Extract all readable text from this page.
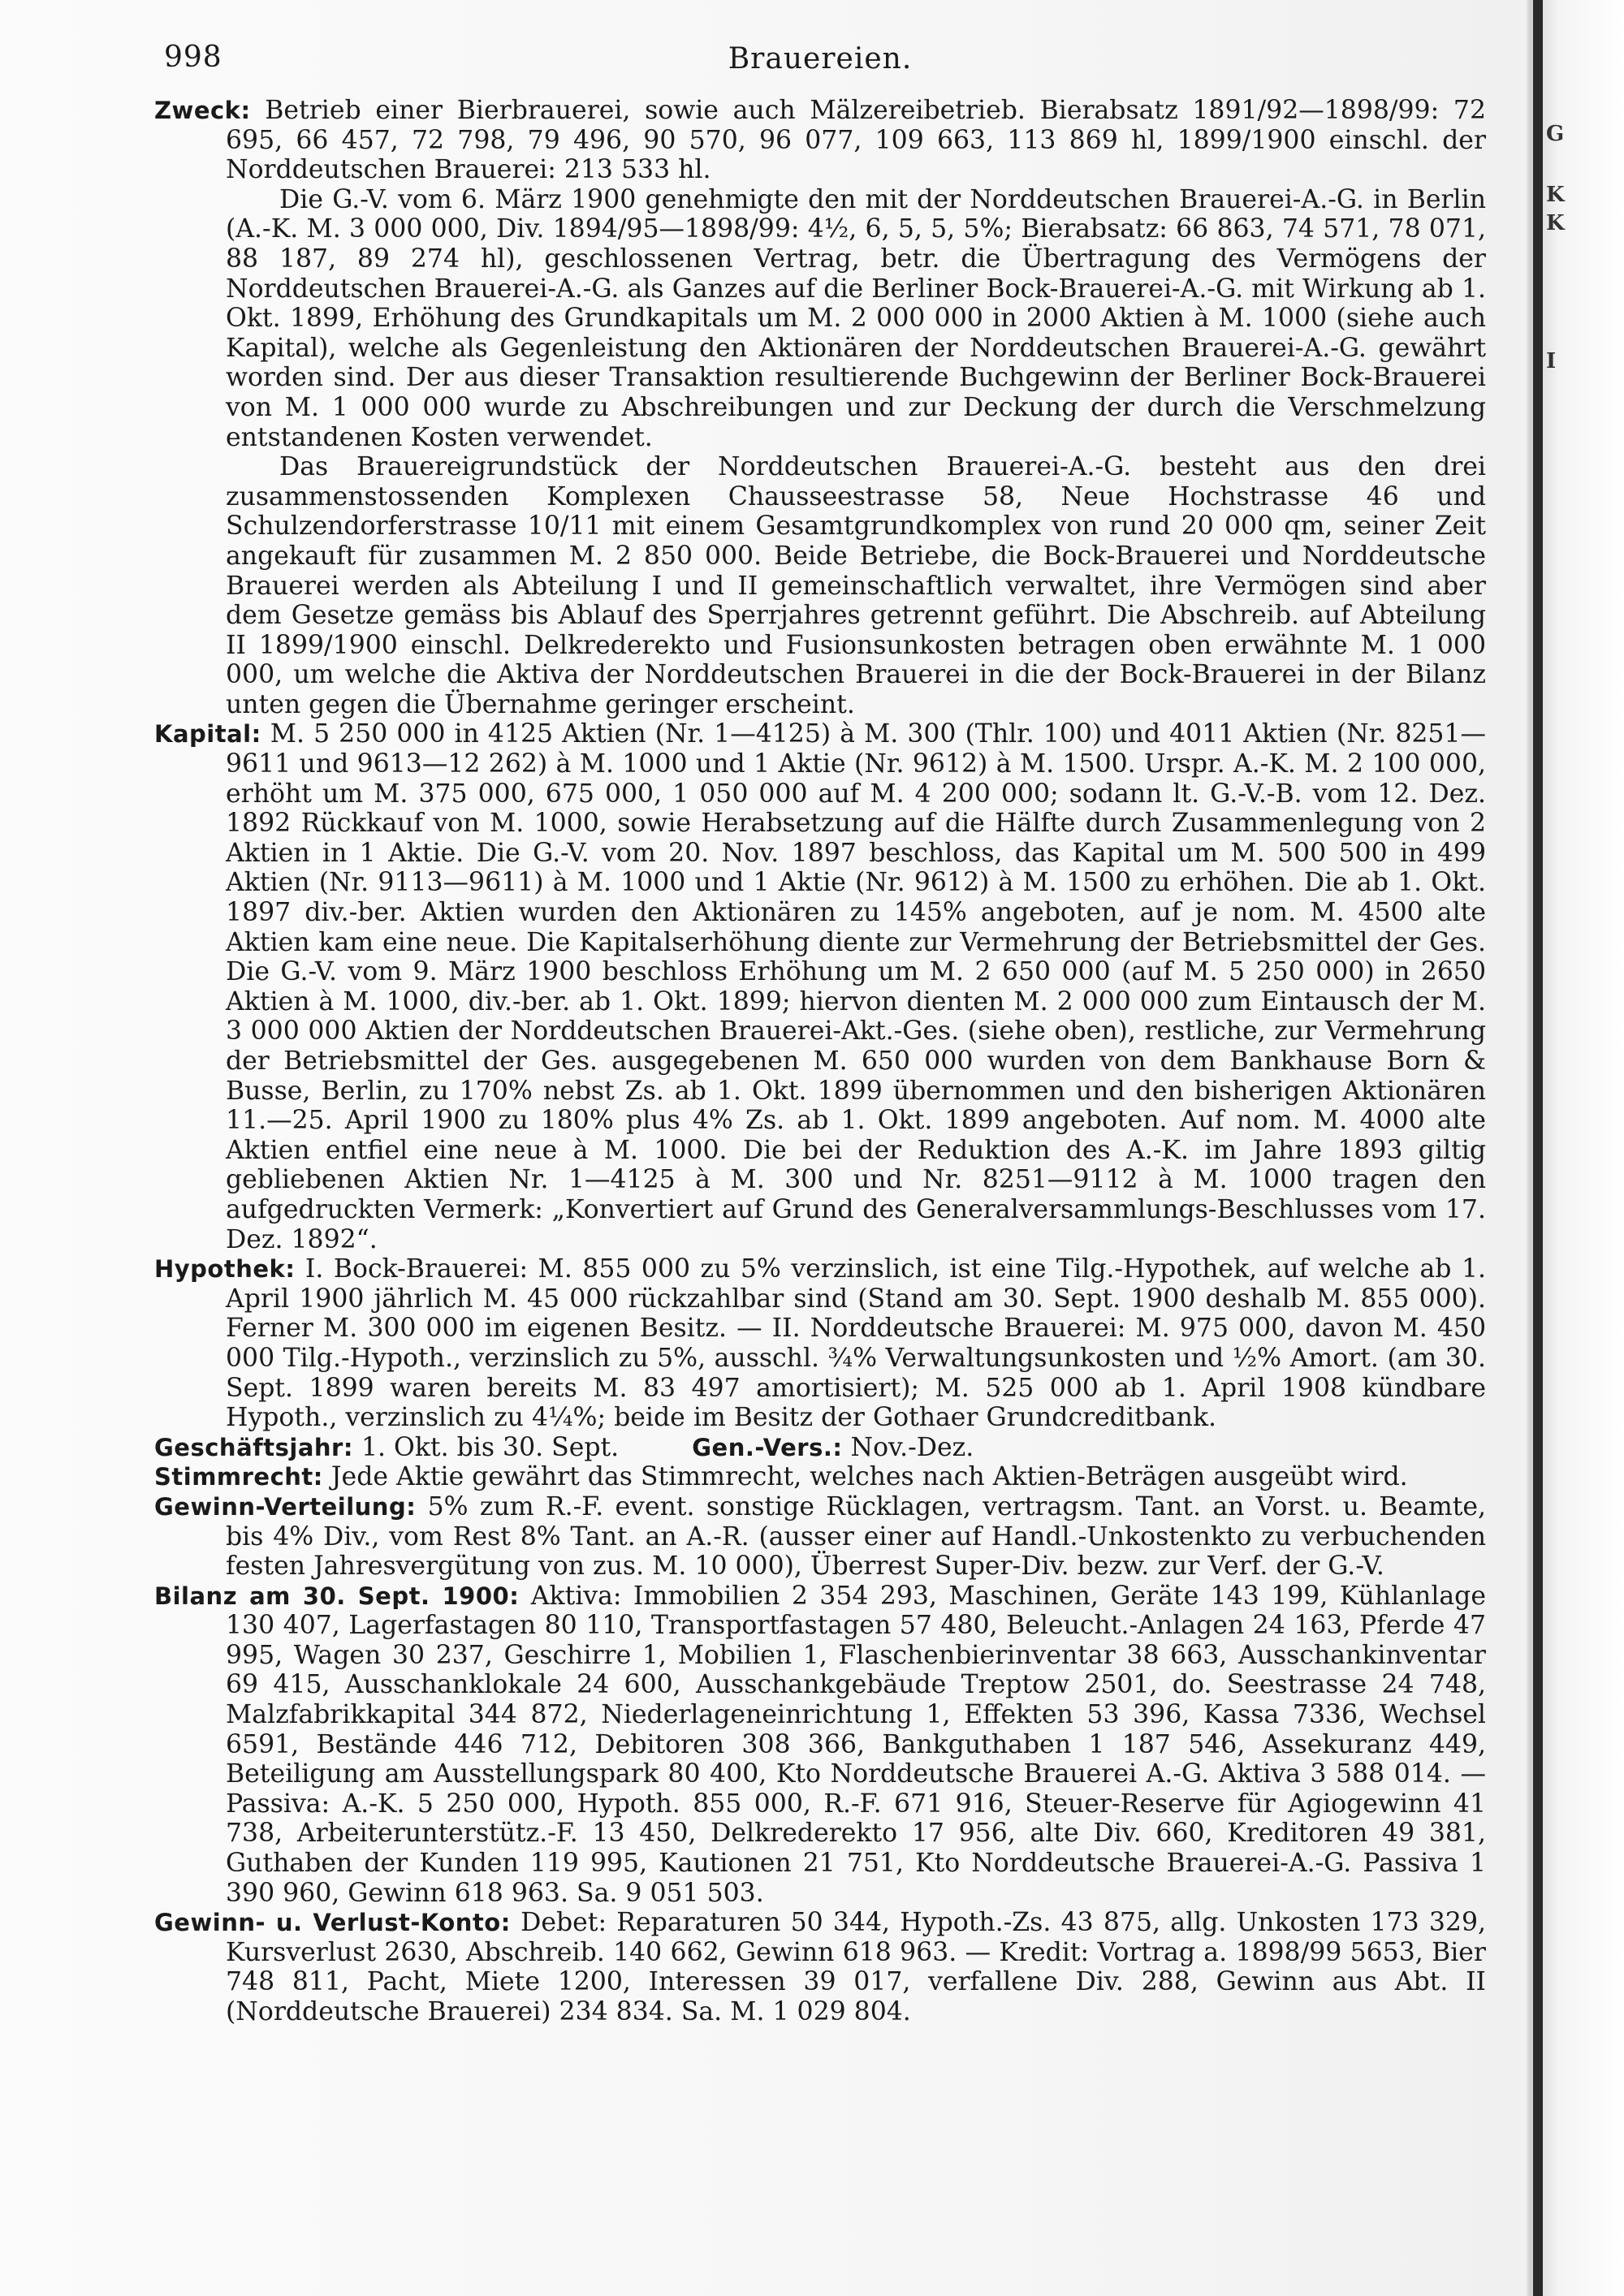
G
K
K
I
998	Brauereien.

Zweck: Betrieb einer Bierbrauerei, sowie auch Mälzereibetrieb. Bierabsatz 1891/92—1898/99: 72 695, 66 457, 72 798, 79 496, 90 570, 96 077, 109 663, 113 869 hl, 1899/1900 einschl. der Norddeutschen Brauerei: 213 533 hl.

Die G.-V. vom 6. März 1900 genehmigte den mit der Norddeutschen Brauerei-A.-G. in Berlin (A.-K. M. 3 000 000, Div. 1894/95—1898/99: 4½, 6, 5, 5, 5%; Bierabsatz: 66 863, 74 571, 78 071, 88 187, 89 274 hl), geschlossenen Vertrag, betr. die Übertragung des Vermögens der Norddeutschen Brauerei-A.-G. als Ganzes auf die Berliner Bock-Brauerei-A.-G. mit Wirkung ab 1. Okt. 1899, Erhöhung des Grundkapitals um M. 2 000 000 in 2000 Aktien à M. 1000 (siehe auch Kapital), welche als Gegenleistung den Aktionären der Norddeutschen Brauerei-A.-G. gewährt worden sind. Der aus dieser Transaktion resultierende Buchgewinn der Berliner Bock-Brauerei von M. 1 000 000 wurde zu Abschreibungen und zur Deckung der durch die Verschmelzung entstandenen Kosten verwendet.

Das Brauereigrundstück der Norddeutschen Brauerei-A.-G. besteht aus den drei zusammenstossenden Komplexen Chausseestrasse 58, Neue Hochstrasse 46 und Schulzendorferstrasse 10/11 mit einem Gesamtgrundkomplex von rund 20 000 qm, seiner Zeit angekauft für zusammen M. 2 850 000. Beide Betriebe, die Bock-Brauerei und Norddeutsche Brauerei werden als Abteilung I und II gemeinschaftlich verwaltet, ihre Vermögen sind aber dem Gesetze gemäss bis Ablauf des Sperrjahres getrennt geführt. Die Abschreib. auf Abteilung II 1899/1900 einschl. Delkrederekto und Fusionsunkosten betragen oben erwähnte M. 1 000 000, um welche die Aktiva der Norddeutschen Brauerei in die der Bock-Brauerei in der Bilanz unten gegen die Übernahme geringer erscheint.

Kapital: M. 5 250 000 in 4125 Aktien (Nr. 1—4125) à M. 300 (Thlr. 100) und 4011 Aktien (Nr. 8251—9611 und 9613—12 262) à M. 1000 und 1 Aktie (Nr. 9612) à M. 1500. Urspr. A.-K. M. 2 100 000, erhöht um M. 375 000, 675 000, 1 050 000 auf M. 4 200 000; sodann lt. G.-V.-B. vom 12. Dez. 1892 Rückkauf von M. 1000, sowie Herabsetzung auf die Hälfte durch Zusammenlegung von 2 Aktien in 1 Aktie. Die G.-V. vom 20. Nov. 1897 beschloss, das Kapital um M. 500 500 in 499 Aktien (Nr. 9113—9611) à M. 1000 und 1 Aktie (Nr. 9612) à M. 1500 zu erhöhen. Die ab 1. Okt. 1897 div.-ber. Aktien wurden den Aktionären zu 145% angeboten, auf je nom. M. 4500 alte Aktien kam eine neue. Die Kapitalserhöhung diente zur Vermehrung der Betriebsmittel der Ges. Die G.-V. vom 9. März 1900 beschloss Erhöhung um M. 2 650 000 (auf M. 5 250 000) in 2650 Aktien à M. 1000, div.-ber. ab 1. Okt. 1899; hiervon dienten M. 2 000 000 zum Eintausch der M. 3 000 000 Aktien der Norddeutschen Brauerei-Akt.-Ges. (siehe oben), restliche, zur Vermehrung der Betriebsmittel der Ges. ausgegebenen M. 650 000 wurden von dem Bankhause Born & Busse, Berlin, zu 170% nebst Zs. ab 1. Okt. 1899 übernommen und den bisherigen Aktionären 11.—25. April 1900 zu 180% plus 4% Zs. ab 1. Okt. 1899 angeboten. Auf nom. M. 4000 alte Aktien entfiel eine neue à M. 1000. Die bei der Reduktion des A.-K. im Jahre 1893 giltig gebliebenen Aktien Nr. 1—4125 à M. 300 und Nr. 8251—9112 à M. 1000 tragen den aufgedruckten Vermerk: „Konvertiert auf Grund des Generalversammlungs-Beschlusses vom 17. Dez. 1892“.

Hypothek: I. Bock-Brauerei: M. 855 000 zu 5% verzinslich, ist eine Tilg.-Hypothek, auf welche ab 1. April 1900 jährlich M. 45 000 rückzahlbar sind (Stand am 30. Sept. 1900 deshalb M. 855 000). Ferner M. 300 000 im eigenen Besitz. — II. Norddeutsche Brauerei: M. 975 000, davon M. 450 000 Tilg.-Hypoth., verzinslich zu 5%, ausschl. ¾% Verwaltungsunkosten und ½% Amort. (am 30. Sept. 1899 waren bereits M. 83 497 amortisiert); M. 525 000 ab 1. April 1908 kündbare Hypoth., verzinslich zu 4¼%; beide im Besitz der Gothaer Grundcreditbank.

Geschäftsjahr: 1. Okt. bis 30. Sept.	Gen.-Vers.: Nov.-Dez.

Stimmrecht: Jede Aktie gewährt das Stimmrecht, welches nach Aktien-Beträgen ausgeübt wird.

Gewinn-Verteilung: 5% zum R.-F. event. sonstige Rücklagen, vertragsm. Tant. an Vorst. u. Beamte, bis 4% Div., vom Rest 8% Tant. an A.-R. (ausser einer auf Handl.-Unkostenkto zu verbuchenden festen Jahresvergütung von zus. M. 10 000), Überrest Super-Div. bezw. zur Verf. der G.-V.

Bilanz am 30. Sept. 1900: Aktiva: Immobilien 2 354 293, Maschinen, Geräte 143 199, Kühlanlage 130 407, Lagerfastagen 80 110, Transportfastagen 57 480, Beleucht.-Anlagen 24 163, Pferde 47 995, Wagen 30 237, Geschirre 1, Mobilien 1, Flaschenbierinventar 38 663, Ausschankinventar 69 415, Ausschanklokale 24 600, Ausschankgebäude Treptow 2501, do. Seestrasse 24 748, Malzfabrikkapital 344 872, Niederlageneinrichtung 1, Effekten 53 396, Kassa 7336, Wechsel 6591, Bestände 446 712, Debitoren 308 366, Bankguthaben 1 187 546, Assekuranz 449, Beteiligung am Ausstellungspark 80 400, Kto Norddeutsche Brauerei A.-G. Aktiva 3 588 014. — Passiva: A.-K. 5 250 000, Hypoth. 855 000, R.-F. 671 916, Steuer-Reserve für Agiogewinn 41 738, Arbeiterunterstütz.-F. 13 450, Delkrederekto 17 956, alte Div. 660, Kreditoren 49 381, Guthaben der Kunden 119 995, Kautionen 21 751, Kto Norddeutsche Brauerei-A.-G. Passiva 1 390 960, Gewinn 618 963. Sa. 9 051 503.

Gewinn- u. Verlust-Konto: Debet: Reparaturen 50 344, Hypoth.-Zs. 43 875, allg. Unkosten 173 329, Kursverlust 2630, Abschreib. 140 662, Gewinn 618 963. — Kredit: Vortrag a. 1898/99 5653, Bier 748 811, Pacht, Miete 1200, Interessen 39 017, verfallene Div. 288, Gewinn aus Abt. II (Norddeutsche Brauerei) 234 834. Sa. M. 1 029 804.
